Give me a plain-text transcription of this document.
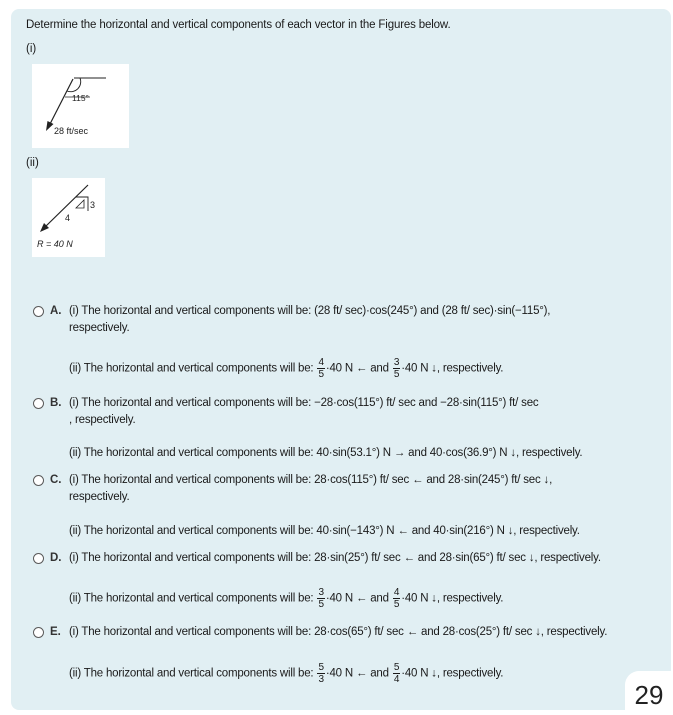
Determine the horizontal and vertical components of each vector in the Figures below.
(i)
115°
28 ft/sec
(ii)
3
4
R = 40 N
A. (i) The horizontal and vertical components will be: (28 ft/ sec)·cos(245°) and (28 ft/ sec)·sin(−115°),
respectively.
(ii) The horizontal and vertical components will be: $\frac{4}{5} \cdot 40$ N ← and $\frac{3}{5} \cdot 40$ N ↓, respectively.
B. (i) The horizontal and vertical components will be: −28·cos(115°) ft/ sec and −28·sin(115°) ft/ sec
, respectively.
(ii) The horizontal and vertical components will be: 40·sin(53.1°) N → and 40·cos(36.9°) N ↓, respectively.
C. (i) The horizontal and vertical components will be: 28·cos(115°) ft/ sec ← and 28·sin(245°) ft/ sec ↓,
respectively.
(ii) The horizontal and vertical components will be: 40·sin(−143°) N ← and 40·sin(216°) N ↓, respectively.
D. (i) The horizontal and vertical components will be: 28·sin(25°) ft/ sec ← and 28·sin(65°) ft/ sec ↓, respectively.
(ii) The horizontal and vertical components will be: $\frac{3}{5} \cdot 40$ N ← and $\frac{4}{5} \cdot 40$ N ↓, respectively.
E. (i) The horizontal and vertical components will be: 28·cos(65°) ft/ sec ← and 28·cos(25°) ft/ sec ↓, respectively.
(ii) The horizontal and vertical components will be: $\frac{5}{3} \cdot 40$ N ← and $\frac{5}{4} \cdot 40$ N ↓, respectively.
29
